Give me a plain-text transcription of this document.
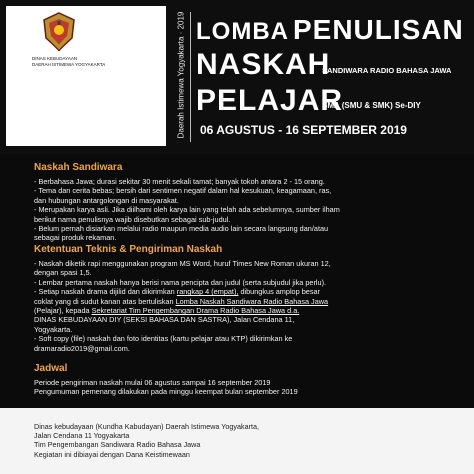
DINAS KEBUDAYAAN
DAERAH ISTIMEWA YOGYAKARTA	Daerah Istimewa Yogyakarta · 2019 LOMBA PENULISAN
NASKAH
SANDIWARA RADIO BAHASA JAWA
PELAJAR
SMA (SMU & SMK) Se-DIY
06 AGUSTUS - 16 SEPTEMBER 2019
Naskah Sandiwara

- Berbahasa Jawa; durasi sekitar 30 menit sekali tamat; banyak tokoh antara 2 - 15 orang.

- Tema dan cerita bebas; bersih dari sentimen negatif dalam hal kesukuan, keagamaan, ras,

dan hubungan antargolongan di masyarakat.

- Merupakan karya asli. Jika diilhami oleh karya lain yang telah ada sebelumnya, sumber ilham

berikut nama penulisnya wajib disebutkan sebagai sub-judul.

- Belum pernah disiarkan melalui radio maupun media audio lain secara langsung dan/atau

sebagai produk rekaman.

Ketentuan Teknis & Pengiriman Naskah

- Naskah diketik rapi menggunakan program MS Word, huruf Times New Roman ukuran 12,

dengan spasi 1,5.

- Lembar pertama naskah hanya berisi nama pencipta dan judul (serta subjudul jika perlu).

- Setiap naskah drama dijilid dan dikirimkan rangkap 4 (empat), dibungkus amplop besar

coklat yang di sudut kanan atas bertuliskan Lomba Naskah Sandiwara Radio Bahasa Jawa

(Pelajar), kepada Sekretariat Tim Pengembangan Drama Radio Bahasa Jawa d.a.

DINAS KEBUDAYAAN DIY (SEKSI BAHASA DAN SASTRA), Jalan Cendana 11,

Yogyakarta.

- Soft copy (file) naskah dan foto identitas (kartu pelajar atau KTP) dikirimkan ke

dramaradio2019@gmail.com.

Jadwal

Periode pengiriman naskah mulai 06 agustus sampai 16 september 2019

Pengumuman pemenang dilakukan pada minggu keempat bulan september 2019

Dinas kebudayaan (Kundha Kabudayan) Daerah Istimewa Yogyakarta,

Jalan Cendana 11 Yogyakarta

Tim Pengembangan Sandiwara Radio Bahasa Jawa

Kegiatan ini dibiayai dengan Dana Keistimewaan
